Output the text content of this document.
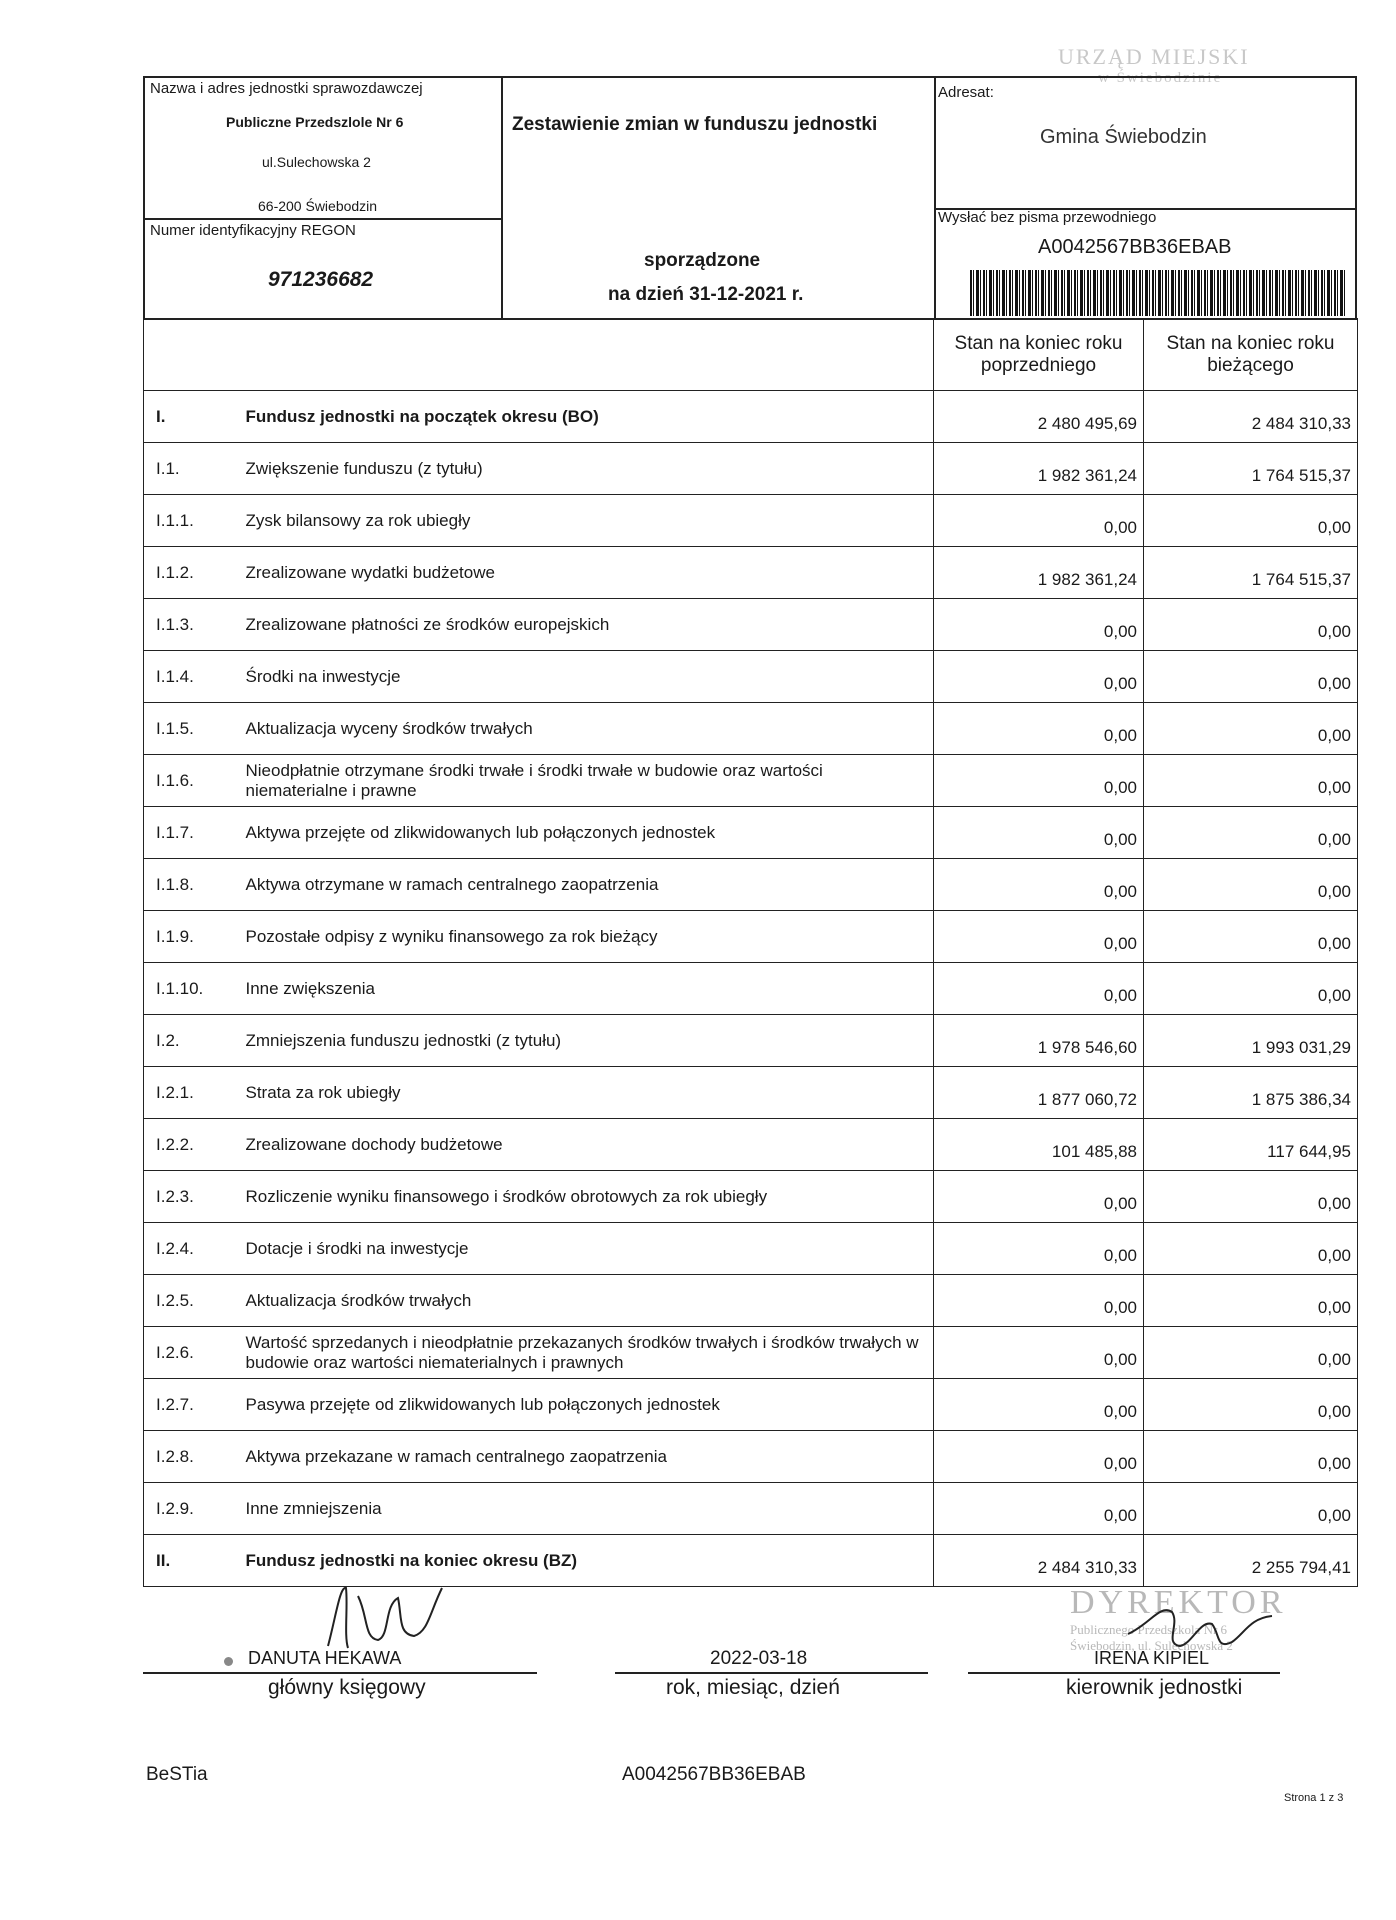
URZĄD MIEJSKI
w Świebodzinie
Nazwa i adres jednostki sprawozdawczej
Publiczne Przedszlole Nr 6
ul.Sulechowska 2
66-200 Świebodzin
Numer identyfikacyjny REGON
971236682
Zestawienie zmian w funduszu jednostki
sporządzone
na dzień 31-12-2021 r.
Adresat:
Gmina Świebodzin
Wysłać bez pisma przewodniego
A0042567BB36EBAB
		Stan na koniec roku poprzedniego	Stan na koniec roku bieżącego
I.	Fundusz jednostki na początek okresu (BO)	2 480 495,69	2 484 310,33
I.1.	Zwiększenie funduszu (z tytułu)	1 982 361,24	1 764 515,37
I.1.1.	Zysk bilansowy za rok ubiegły	0,00	0,00
I.1.2.	Zrealizowane wydatki budżetowe	1 982 361,24	1 764 515,37
I.1.3.	Zrealizowane płatności ze środków europejskich	0,00	0,00
I.1.4.	Środki na inwestycje	0,00	0,00
I.1.5.	Aktualizacja wyceny środków trwałych	0,00	0,00
I.1.6.	Nieodpłatnie otrzymane środki trwałe i środki trwałe w budowie oraz wartości niematerialne i prawne	0,00	0,00
I.1.7.	Aktywa przejęte od zlikwidowanych lub połączonych jednostek	0,00	0,00
I.1.8.	Aktywa otrzymane w ramach centralnego zaopatrzenia	0,00	0,00
I.1.9.	Pozostałe odpisy z wyniku finansowego za rok bieżący	0,00	0,00
I.1.10.	Inne zwiększenia	0,00	0,00
I.2.	Zmniejszenia funduszu jednostki (z tytułu)	1 978 546,60	1 993 031,29
I.2.1.	Strata za rok ubiegły	1 877 060,72	1 875 386,34
I.2.2.	Zrealizowane dochody budżetowe	101 485,88	117 644,95
I.2.3.	Rozliczenie wyniku finansowego i środków obrotowych za rok ubiegły	0,00	0,00
I.2.4.	Dotacje i środki na inwestycje	0,00	0,00
I.2.5.	Aktualizacja środków trwałych	0,00	0,00
I.2.6.	Wartość sprzedanych i nieodpłatnie przekazanych środków trwałych i środków trwałych w budowie oraz wartości niematerialnych i prawnych	0,00	0,00
I.2.7.	Pasywa przejęte od zlikwidowanych lub połączonych jednostek	0,00	0,00
I.2.8.	Aktywa przekazane w ramach centralnego zaopatrzenia	0,00	0,00
I.2.9.	Inne zmniejszenia	0,00	0,00
II.	Fundusz jednostki na koniec okresu (BZ)	2 484 310,33	2 255 794,41
DANUTA HEKAWA
główny księgowy
2022-03-18
rok, miesiąc, dzień
DYREKTOR
Publicznego Przedszkola Nr 6
Świebodzin, ul. Sulechowska 2
IRENA KIPIEL
kierownik jednostki
BeSTia	A0042567BB36EBAB
Strona 1 z 3
